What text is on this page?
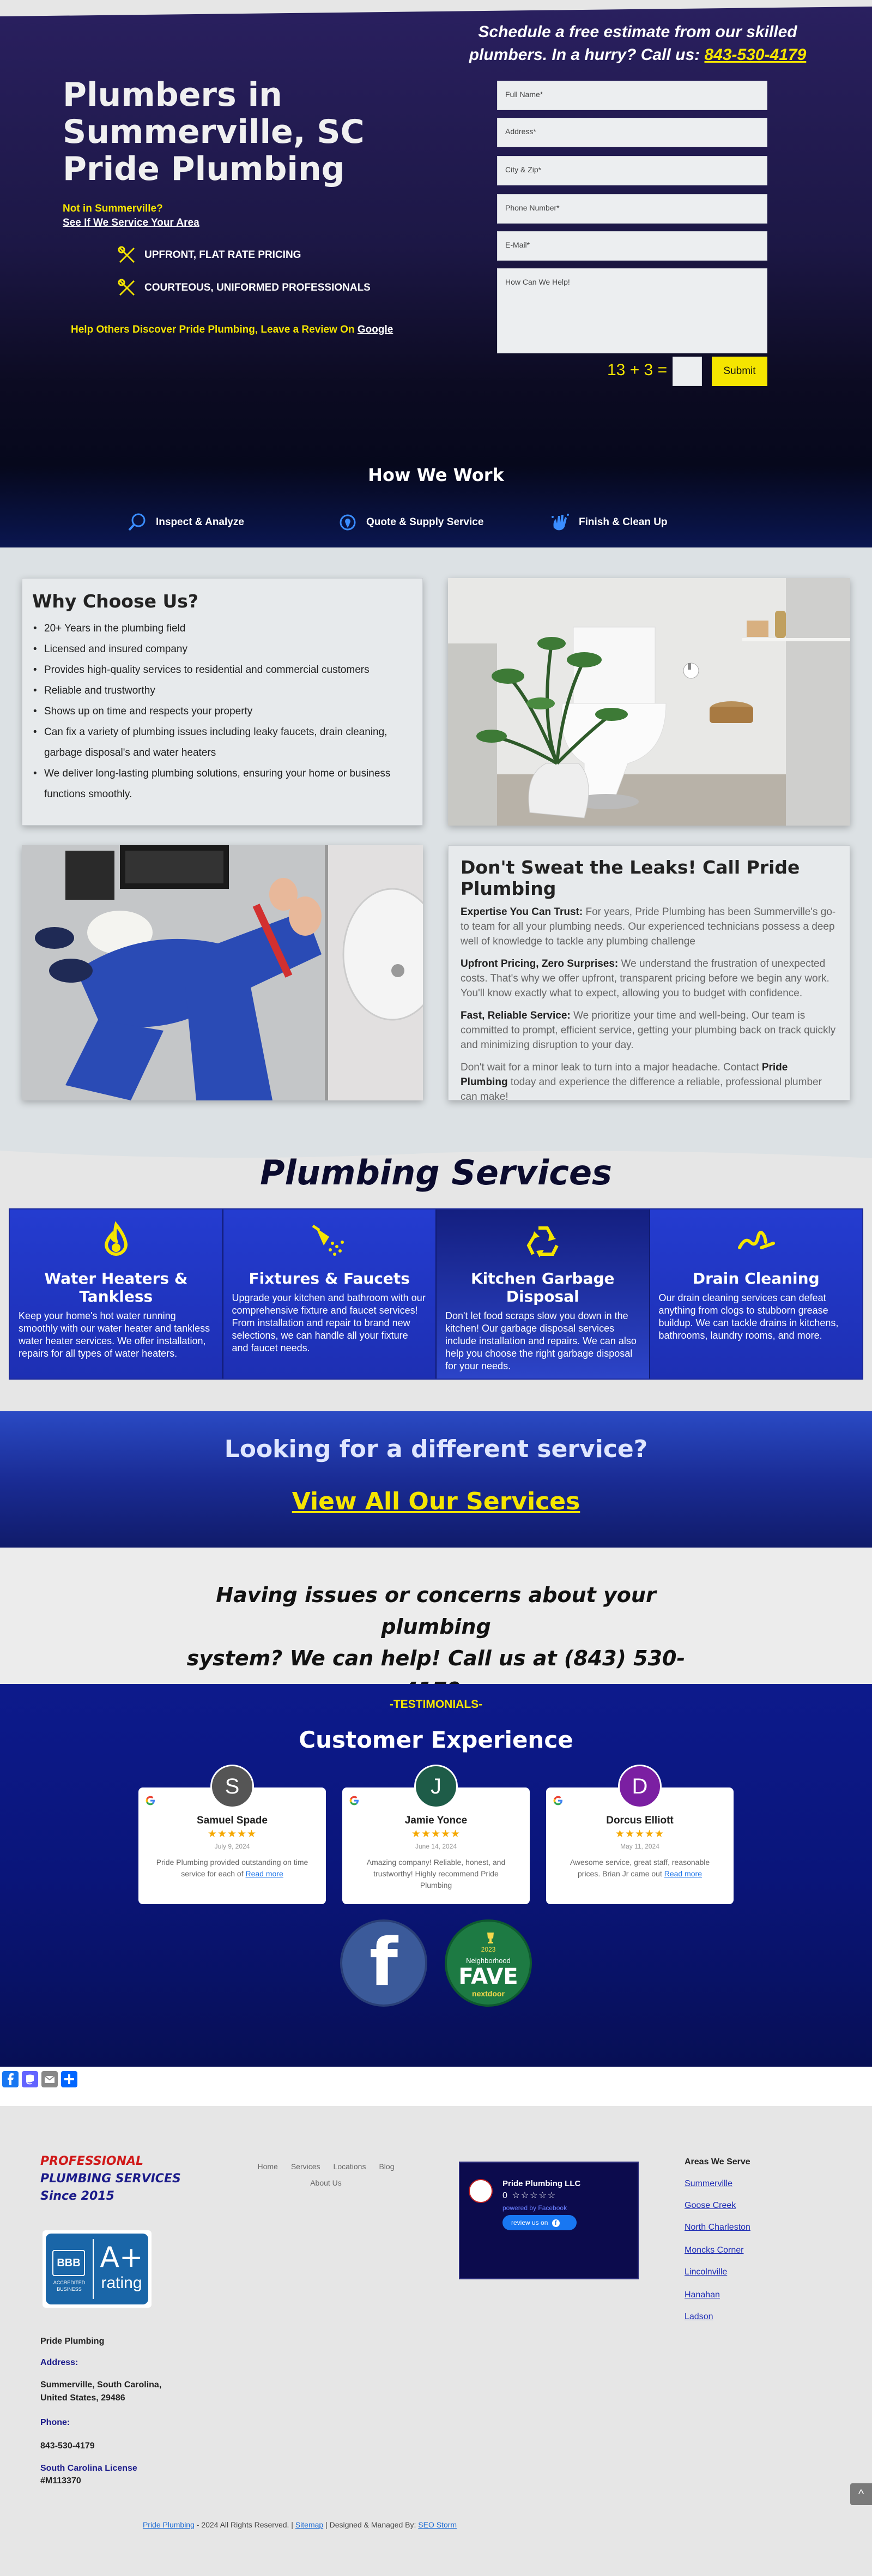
Plumbers in
Summerville, SC
Pride Plumbing
Not in Summerville?
See If We Service Your Area
UPFRONT, FLAT RATE PRICING
COURTEOUS, UNIFORMED PROFESSIONALS
Help Others Discover Pride Plumbing, Leave a Review On Google
Schedule a free estimate from our skilled
plumbers. In a hurry? Call us: 843-530-4179
Full Name*
Address*
City & Zip*
Phone Number*
E-Mail*
How Can We Help!
13 + 3 =	Submit
How We Work
Inspect & Analyze	Quote & Supply Service	Finish & Clean Up
Why Choose Us?
• 20+ Years in the plumbing field
• Licensed and insured company
• Provides high-quality services to residential and commercial customers
• Reliable and trustworthy
• Shows up on time and respects your property
• Can fix a variety of plumbing issues including leaky faucets, drain cleaning, garbage disposal's and water heaters
• We deliver long-lasting plumbing solutions, ensuring your home or business functions smoothly.
Don't Sweat the Leaks! Call Pride Plumbing

Expertise You Can Trust: For years, Pride Plumbing has been Summerville's go-to team for all your plumbing needs. Our experienced technicians possess a deep well of knowledge to tackle any plumbing challenge

Upfront Pricing, Zero Surprises: We understand the frustration of unexpected costs. That's why we offer upfront, transparent pricing before we begin any work. You'll know exactly what to expect, allowing you to budget with confidence.

Fast, Reliable Service: We prioritize your time and well-being. Our team is committed to prompt, efficient service, getting your plumbing back on track quickly and minimizing disruption to your day.

Don't wait for a minor leak to turn into a major headache. Contact Pride Plumbing today and experience the difference a reliable, professional plumber can make!

Plumbing Services
Water Heaters & Tankless
Keep your home's hot water running smoothly with our water heater and tankless water heater services. We offer installation, repairs for all types of water heaters.
Fixtures & Faucets
Upgrade your kitchen and bathroom with our comprehensive fixture and faucet services! From installation and repair to brand new selections, we can handle all your fixture and faucet needs.
Kitchen Garbage Disposal
Don't let food scraps slow you down in the kitchen! Our garbage disposal services include installation and repairs. We can also help you choose the right garbage disposal for your needs.
Drain Cleaning
Our drain cleaning services can defeat anything from clogs to stubborn grease buildup. We can tackle drains in kitchens, bathrooms, laundry rooms, and more.
Looking for a different service?
View All Our Services
Having issues or concerns about your plumbing
system? We can help! Call us at (843) 530-
-TESTIMONIALS-
Customer Experience
S
Samuel Spade
★★★★★
July 9, 2024
Pride Plumbing provided outstanding on time service for each of Read more
J
Jamie Yonce
★★★★★
June 14, 2024
Amazing company! Reliable, honest, and trustworthy! Highly recommend Pride Plumbing
D
Dorcus Elliott
★★★★★
May 11, 2024
Awesome service, great staff, reasonable prices. Brian Jr came out Read more
f	2023
Neighborhood
FAVE
nextdoor
PROFESSIONAL
PLUMBING SERVICES
Since 2015
BBB
ACCREDITED
BUSINESS
A+
rating
Pride Plumbing
Address:
Summerville, South Carolina,
United States, 29486
Phone:
843-530-4179
South Carolina License
#M113370
Home Services Locations Blog
About Us	Pride Plumbing LLC
0 ☆☆☆☆☆
powered by Facebook
review us on f
Areas We Serve
Summerville
Goose Creek
North Charleston
Moncks Corner
Lincolnville
Hanahan
Ladson
^
Pride Plumbing - 2024 All Rights Reserved. | Sitemap | Designed & Managed By: SEO Storm
